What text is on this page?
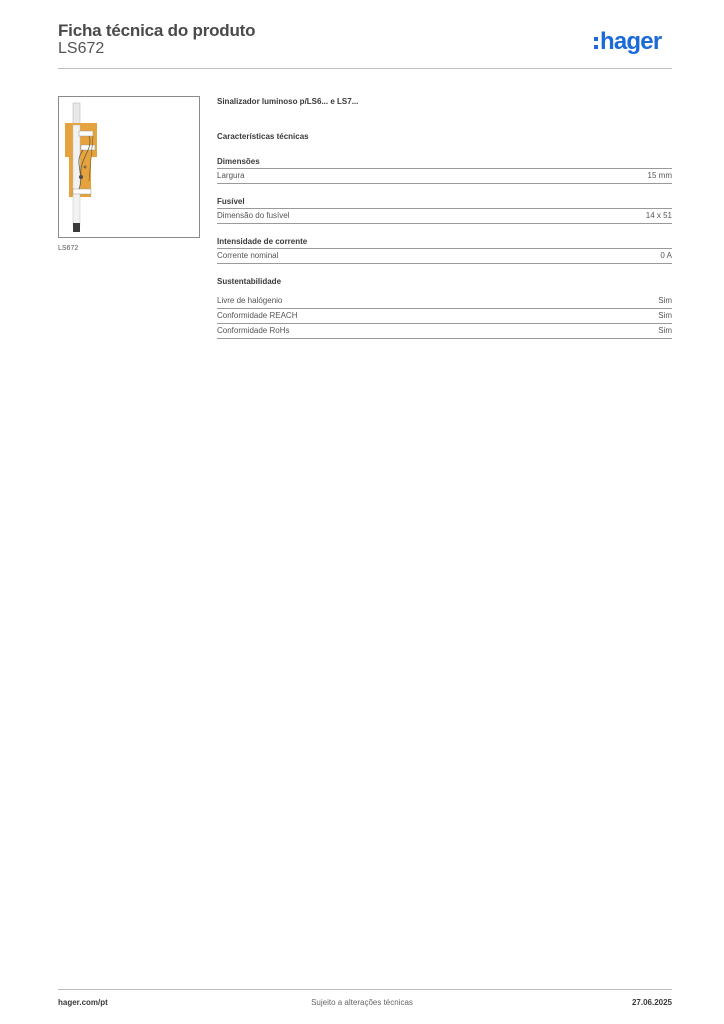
Ficha técnica do produto
LS672	hager
LS672
Sinalizador luminoso p/LS6... e LS7...
Características técnicas
Dimensões
Largura	15 mm
Fusível
Dimensão do fusível	14 x 51
Intensidade de corrente
Corrente nominal	0 A
Sustentabilidade
Livre de halógenio	Sim
Conformidade REACH	Sim
Conformidade RoHs	Sim
hager.com/pt	Sujeito a alterações técnicas	27.06.2025
